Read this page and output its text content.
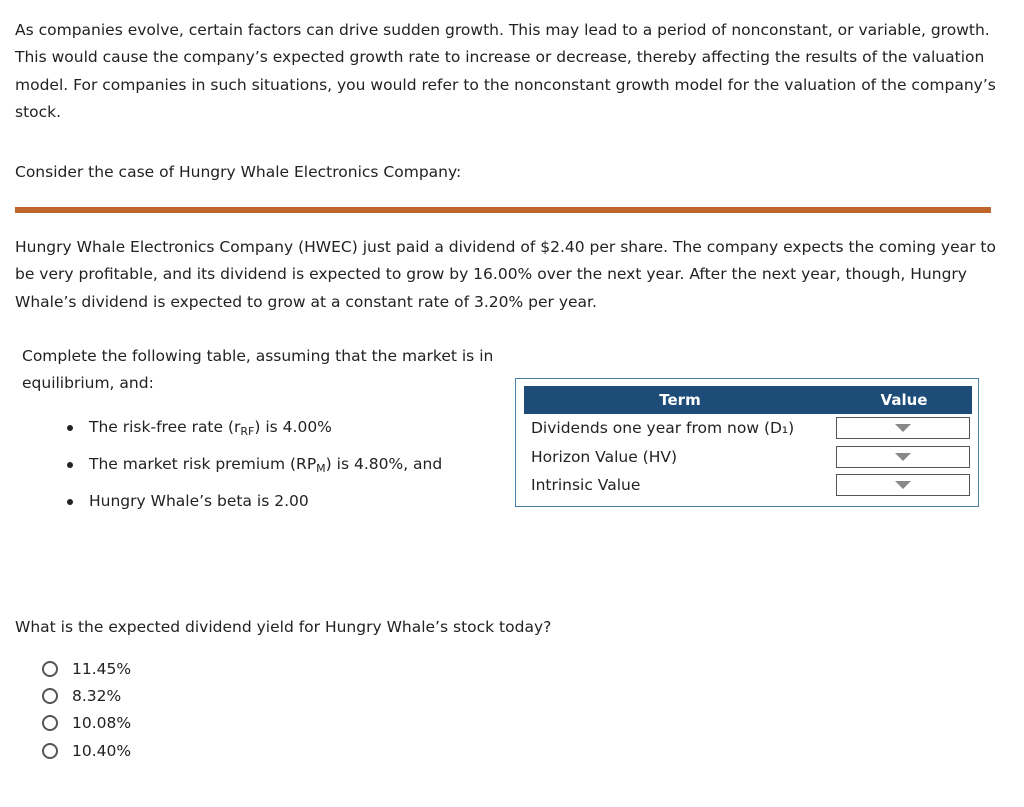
As companies evolve, certain factors can drive sudden growth. This may lead to a period of nonconstant, or variable, growth. This would cause the company’s expected growth rate to increase or decrease, thereby affecting the results of the valuation model. For companies in such situations, you would refer to the nonconstant growth model for the valuation of the company’s stock.

Consider the case of Hungry Whale Electronics Company:

Hungry Whale Electronics Company (HWEC) just paid a dividend of $2.40 per share. The company expects the coming year to be very profitable, and its dividend is expected to grow by 16.00% over the next year. After the next year, though, Hungry Whale’s dividend is expected to grow at a constant rate of 3.20% per year.

Complete the following table, assuming that the market is in equilibrium, and:

The risk-free rate $(r_{RF})$ is 4.00%
The market risk premium $(RP_M)$ is 4.80%, and
Hungry Whale’s beta is 2.00
Term	Value
Dividends one year from now (D₁)	

Horizon Value (HV)	

Intrinsic Value	

What is the expected dividend yield for Hungry Whale’s stock today?

11.45%
8.32%
10.08%
10.40%
